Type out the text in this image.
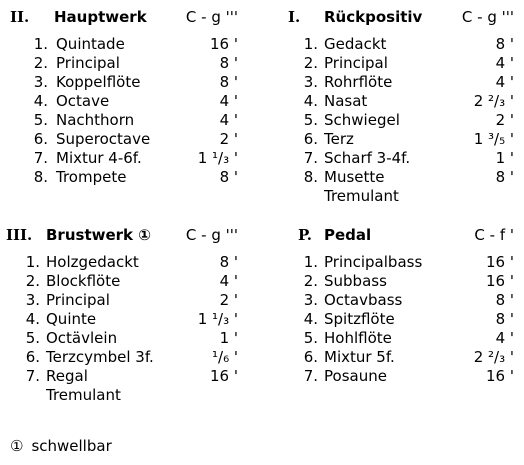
II. Hauptwerk	C - g '''
1. Quintade	16 '
2. Principal	8 '
3. Koppelflöte	8 '
4. Octave	4 '
5. Nachthorn	4 '
6. Superoctave	2 '
7. Mixtur 4-6f.	1 ¹/₃ '
8. Trompete	8 '
I. Rückpositiv	C - g '''
1. Gedackt	8 '
2. Principal	4 '
3. Rohrflöte	4 '
4. Nasat	2 ²/₃ '
5. Schwiegel	2 '
6. Terz	1 ³/₅ '
7. Scharf 3-4f.	1 '
8. Musette	8 '
Tremulant
III. Brustwerk ① C - g '''
1. Holzgedackt	8 '
2. Blockflöte	4 '
3. Principal	2 '
4. Quinte	1 ¹/₃ '
5. Octävlein	1 '
6. Terzcymbel 3f.	¹/₆ '
7. Regal	16 '
Tremulant
P. Pedal	C - f '
1. Principalbass	16 '
2. Subbass	16 '
3. Octavbass	8 '
4. Spitzflöte	8 '
5. Hohlflöte	4 '
6. Mixtur 5f.	2 ²/₃ '
7. Posaune	16 '
① schwellbar
